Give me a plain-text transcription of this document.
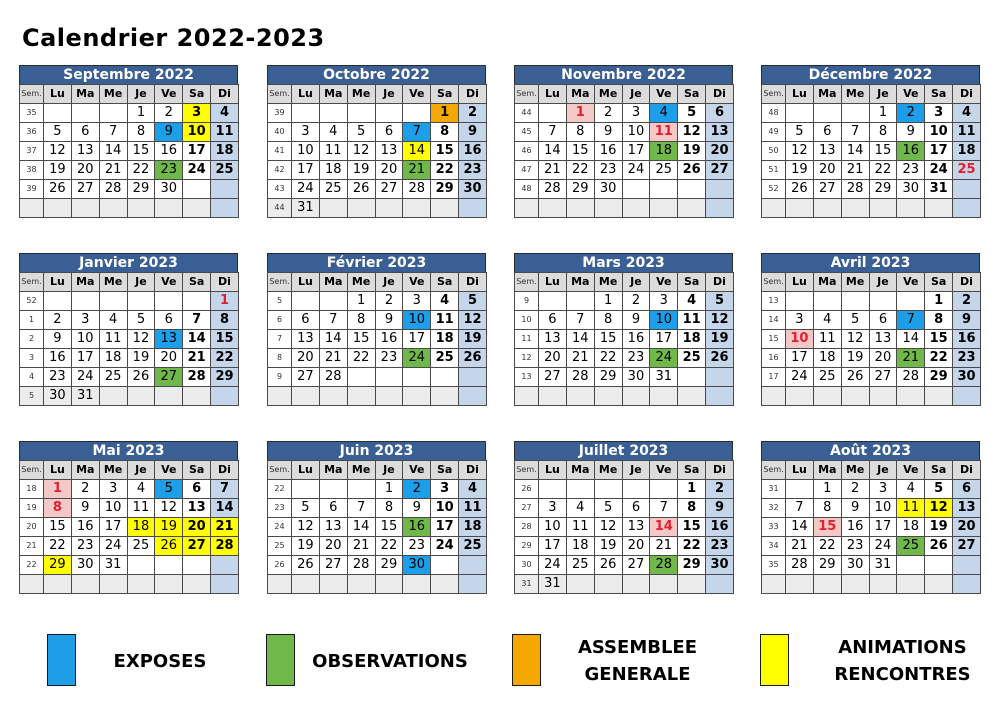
Calendrier 2022-2023
Septembre 2022
Sem.	Lu	Ma	Me	Je	Ve	Sa	Di
35				1	2	3	4
36	5	6	7	8	9	10	11
37	12	13	14	15	16	17	18
38	19	20	21	22	23	24	25
39	26	27	28	29	30		

Octobre 2022
Sem.	Lu	Ma	Me	Je	Ve	Sa	Di
39						1	2
40	3	4	5	6	7	8	9
41	10	11	12	13	14	15	16
42	17	18	19	20	21	22	23
43	24	25	26	27	28	29	30
44	31						
Novembre 2022
Sem.	Lu	Ma	Me	Je	Ve	Sa	Di
44		1	2	3	4	5	6
45	7	8	9	10	11	12	13
46	14	15	16	17	18	19	20
47	21	22	23	24	25	26	27
48	28	29	30				

Décembre 2022
Sem.	Lu	Ma	Me	Je	Ve	Sa	Di
48				1	2	3	4
49	5	6	7	8	9	10	11
50	12	13	14	15	16	17	18
51	19	20	21	22	23	24	25
52	26	27	28	29	30	31	

Janvier 2023
Sem.	Lu	Ma	Me	Je	Ve	Sa	Di
52							1
1	2	3	4	5	6	7	8
2	9	10	11	12	13	14	15
3	16	17	18	19	20	21	22
4	23	24	25	26	27	28	29
5	30	31					
Février 2023
Sem.	Lu	Ma	Me	Je	Ve	Sa	Di
5			1	2	3	4	5
6	6	7	8	9	10	11	12
7	13	14	15	16	17	18	19
8	20	21	22	23	24	25	26
9	27	28					

Mars 2023
Sem.	Lu	Ma	Me	Je	Ve	Sa	Di
9			1	2	3	4	5
10	6	7	8	9	10	11	12
11	13	14	15	16	17	18	19
12	20	21	22	23	24	25	26
13	27	28	29	30	31		

Avril 2023
Sem.	Lu	Ma	Me	Je	Ve	Sa	Di
13						1	2
14	3	4	5	6	7	8	9
15	10	11	12	13	14	15	16
16	17	18	19	20	21	22	23
17	24	25	26	27	28	29	30

Mai 2023
Sem.	Lu	Ma	Me	Je	Ve	Sa	Di
18	1	2	3	4	5	6	7
19	8	9	10	11	12	13	14
20	15	16	17	18	19	20	21
21	22	23	24	25	26	27	28
22	29	30	31				

Juin 2023
Sem.	Lu	Ma	Me	Je	Ve	Sa	Di
22				1	2	3	4
23	5	6	7	8	9	10	11
24	12	13	14	15	16	17	18
25	19	20	21	22	23	24	25
26	26	27	28	29	30		

Juillet 2023
Sem.	Lu	Ma	Me	Je	Ve	Sa	Di
26						1	2
27	3	4	5	6	7	8	9
28	10	11	12	13	14	15	16
29	17	18	19	20	21	22	23
30	24	25	26	27	28	29	30
31	31						
Août 2023
Sem.	Lu	Ma	Me	Je	Ve	Sa	Di
31		1	2	3	4	5	6
32	7	8	9	10	11	12	13
33	14	15	16	17	18	19	20
34	21	22	23	24	25	26	27
35	28	29	30	31			

EXPOSES	OBSERVATIONS
ASSEMBLEE
GENERALE
ANIMATIONS
RENCONTRES
